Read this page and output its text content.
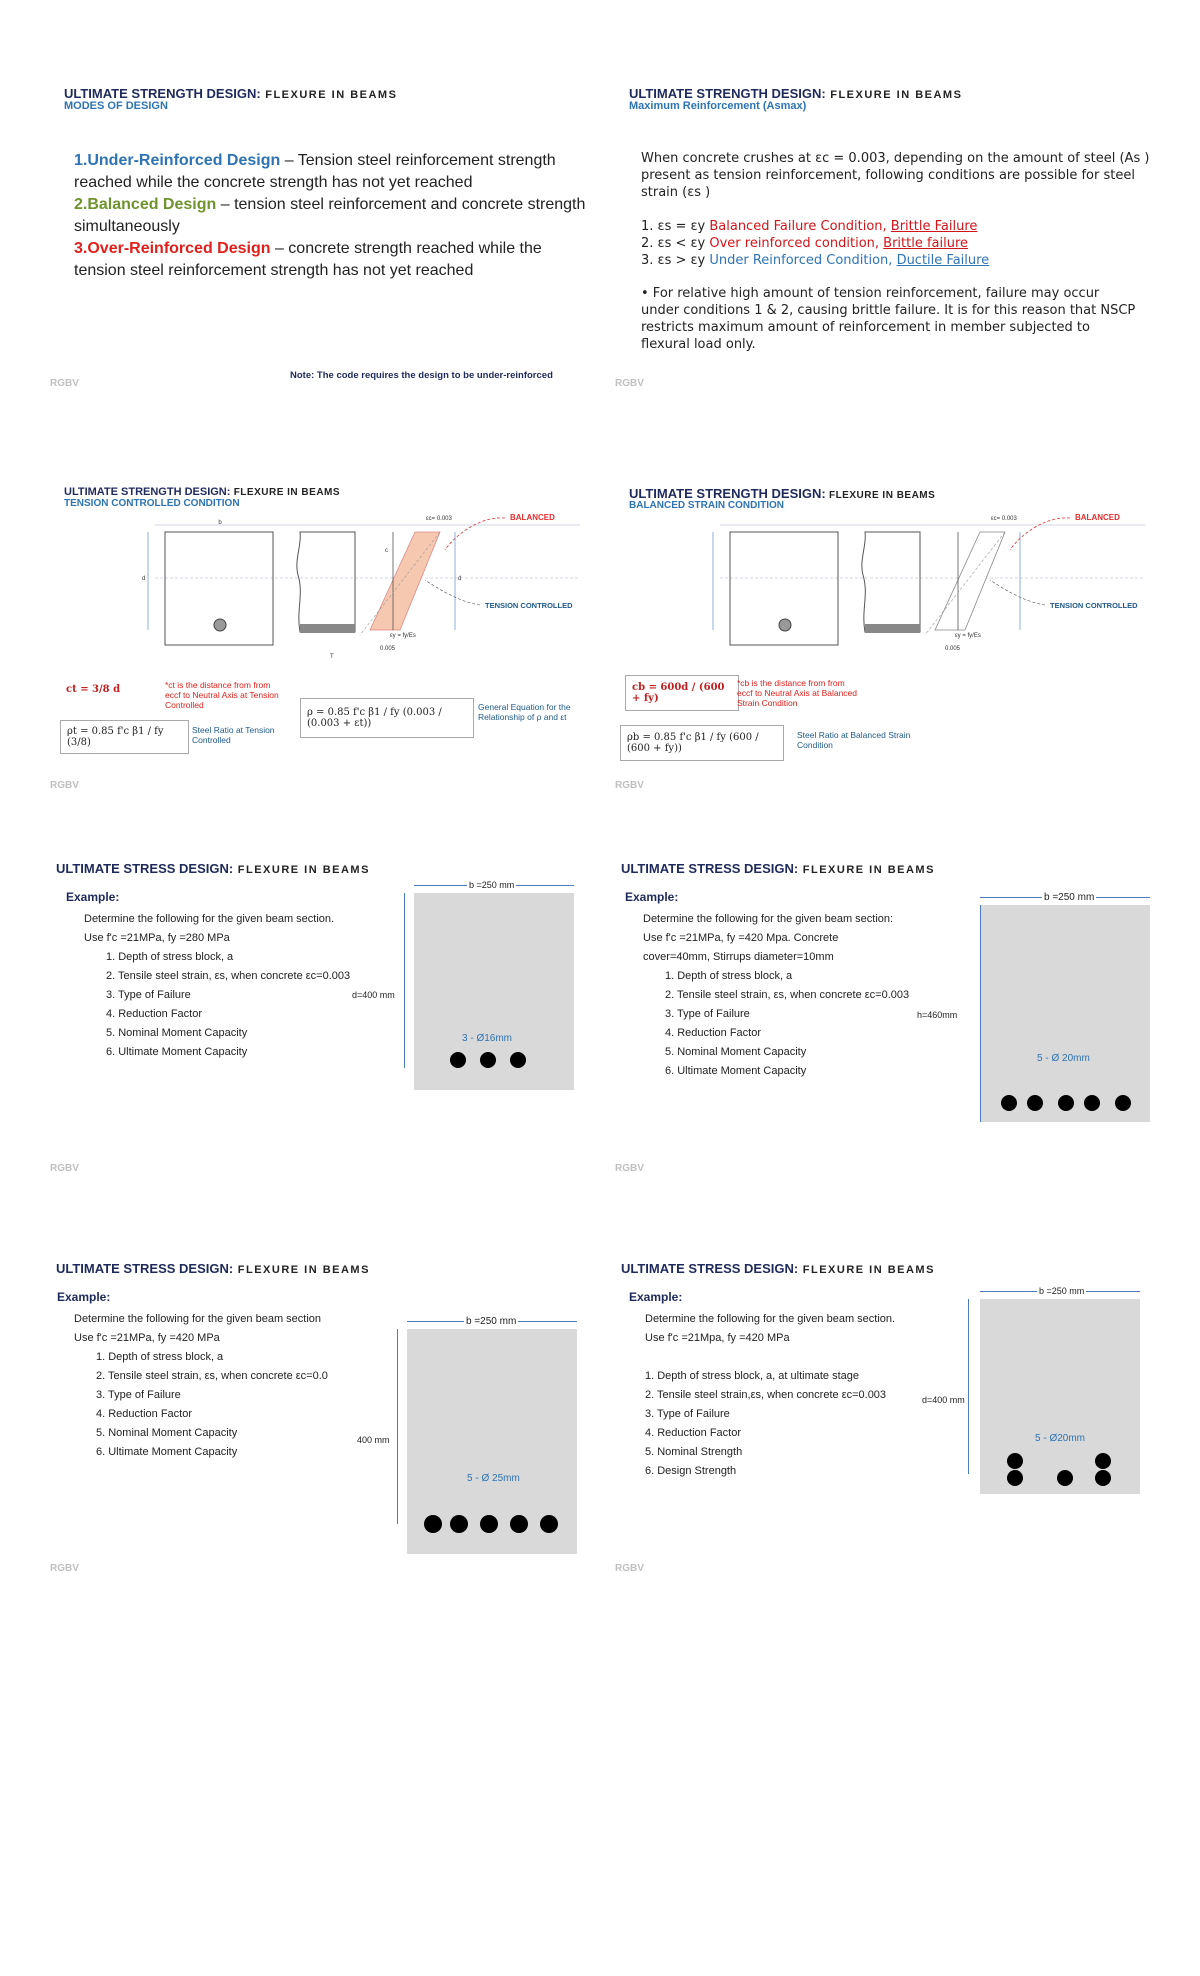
ULTIMATE STRENGTH DESIGN: FLEXURE IN BEAMS
MODES OF DESIGN
1.Under-Reinforced Design – Tension steel reinforcement strength reached while the concrete strength has not yet reached
2.Balanced Design – tension steel reinforcement and concrete strength simultaneously
3.Over-Reinforced Design – concrete strength reached while the tension steel reinforcement strength has not yet reached
Note: The code requires the design to be under-reinforced
RGBV
ULTIMATE STRENGTH DESIGN: FLEXURE IN BEAMS
Maximum Reinforcement (Asmax)
When concrete crushes at εc = 0.003, depending on the amount of steel (As ) present as tension reinforcement, following conditions are possible for steel strain (εs )
1. εs = εy Balanced Failure Condition, Brittle Failure
2. εs < εy Over reinforced condition, Brittle failure
3. εs > εy Under Reinforced Condition, Ductile Failure
• For relative high amount of tension reinforcement, failure may occur under conditions 1 & 2, causing brittle failure. It is for this reason that NSCP restricts maximum amount of reinforcement in member subjected to flexural load only.
RGBV
ULTIMATE STRENGTH DESIGN: FLEXURE IN BEAMS
TENSION CONTROLLED CONDITION
b
d	d
c
εc= 0.003	BALANCED
TENSION CONTROLLED
εy = fy/Es
0.005
T
ct = 3/8 d	*ct is the distance from from eccf to Neutral Axis at Tension Controlled
ρt = 0.85 f'c β1 / fy (3/8)
Steel Ratio at Tension Controlled
ρ = 0.85 f'c β1 / fy (0.003 / (0.003 + εt))
General Equation for the Relationship of ρ and εt
RGBV
ULTIMATE STRENGTH DESIGN: FLEXURE IN BEAMS
BALANCED STRAIN CONDITION
εc= 0.003	BALANCED
TENSION CONTROLLED
εy = fy/Es
0.005
cb = 600d / (600 + fy)
*cb is the distance from from eccf to Neutral Axis at Balanced Strain Condition
ρb = 0.85 f'c β1 / fy (600 / (600 + fy))
Steel Ratio at Balanced Strain Condition
RGBV
ULTIMATE STRESS DESIGN: FLEXURE IN BEAMS
Example:
Determine the following for the given beam section.
Use f'c =21MPa, fy =280 MPa
1. Depth of stress block, a
2. Tensile steel strain, εs, when concrete εc=0.003
3. Type of Failure
4. Reduction Factor
5. Nominal Moment Capacity
6. Ultimate Moment Capacity
b =250 mm
d=400 mm
3 - Ø16mm
RGBV
ULTIMATE STRESS DESIGN: FLEXURE IN BEAMS
Example:
Determine the following for the given beam section:
Use f'c =21MPa, fy =420 Mpa. Concrete
cover=40mm, Stirrups diameter=10mm
1. Depth of stress block, a
2. Tensile steel strain, εs, when concrete εc=0.003
3. Type of Failure
4. Reduction Factor
5. Nominal Moment Capacity
6. Ultimate Moment Capacity
b =250 mm
h=460mm
5 - Ø 20mm
RGBV
ULTIMATE STRESS DESIGN: FLEXURE IN BEAMS
Example:
Determine the following for the given beam section
Use f'c =21MPa, fy =420 MPa
1. Depth of stress block, a
2. Tensile steel strain, εs, when concrete εc=0.0
3. Type of Failure
4. Reduction Factor
5. Nominal Moment Capacity
6. Ultimate Moment Capacity
b =250 mm
400 mm
5 - Ø 25mm
RGBV
ULTIMATE STRESS DESIGN: FLEXURE IN BEAMS
Example:
Determine the following for the given beam section.
Use f'c =21Mpa, fy =420 MPa
1. Depth of stress block, a, at ultimate stage
2. Tensile steel strain,εs, when concrete εc=0.003
3. Type of Failure
4. Reduction Factor
5. Nominal Strength
6. Design Strength
b =250 mm
d=400 mm
5 - Ø20mm
RGBV
